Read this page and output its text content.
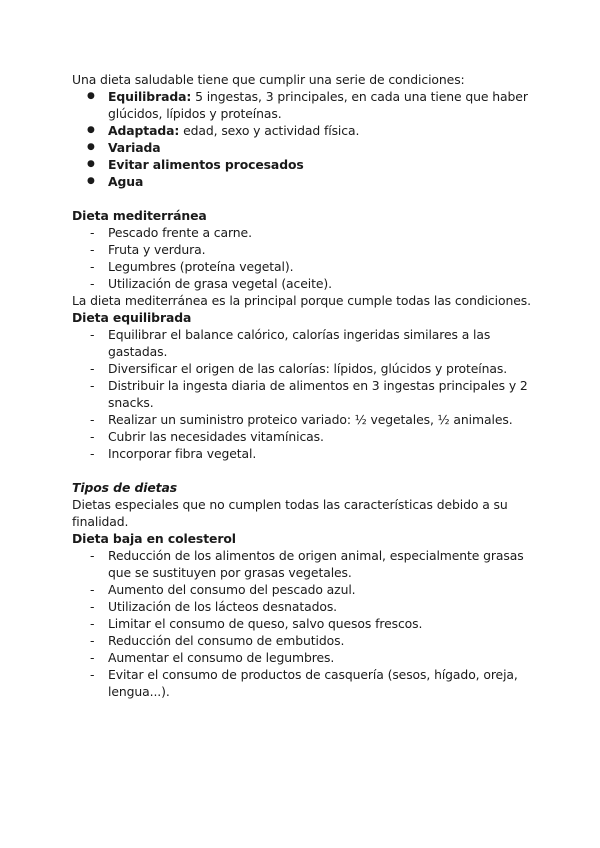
Una dieta saludable tiene que cumplir una serie de condiciones:

● Equilibrada: 5 ingestas, 3 principales, en cada una tiene que haber glúcidos, lípidos y proteínas.
● Adaptada: edad, sexo y actividad física.
● Variada
● Evitar alimentos procesados
● Agua
Dieta mediterránea
- Pescado frente a carne.
- Fruta y verdura.
- Legumbres (proteína vegetal).
- Utilización de grasa vegetal (aceite).

La dieta mediterránea es la principal porque cumple todas las condiciones.

Dieta equilibrada
- Equilibrar el balance calórico, calorías ingeridas similares a las gastadas.
- Diversificar el origen de las calorías: lípidos, glúcidos y proteínas.
- Distribuir la ingesta diaria de alimentos en 3 ingestas principales y 2 snacks.
- Realizar un suministro proteico variado: ½ vegetales, ½ animales.
- Cubrir las necesidades vitamínicas.
- Incorporar fibra vegetal.
Tipos de dietas

Dietas especiales que no cumplen todas las características debido a su finalidad.

Dieta baja en colesterol
- Reducción de los alimentos de origen animal, especialmente grasas que se sustituyen por grasas vegetales.
- Aumento del consumo del pescado azul.
- Utilización de los lácteos desnatados.
- Limitar el consumo de queso, salvo quesos frescos.
- Reducción del consumo de embutidos.
- Aumentar el consumo de legumbres.
- Evitar el consumo de productos de casquería (sesos, hígado, oreja, lengua...).
